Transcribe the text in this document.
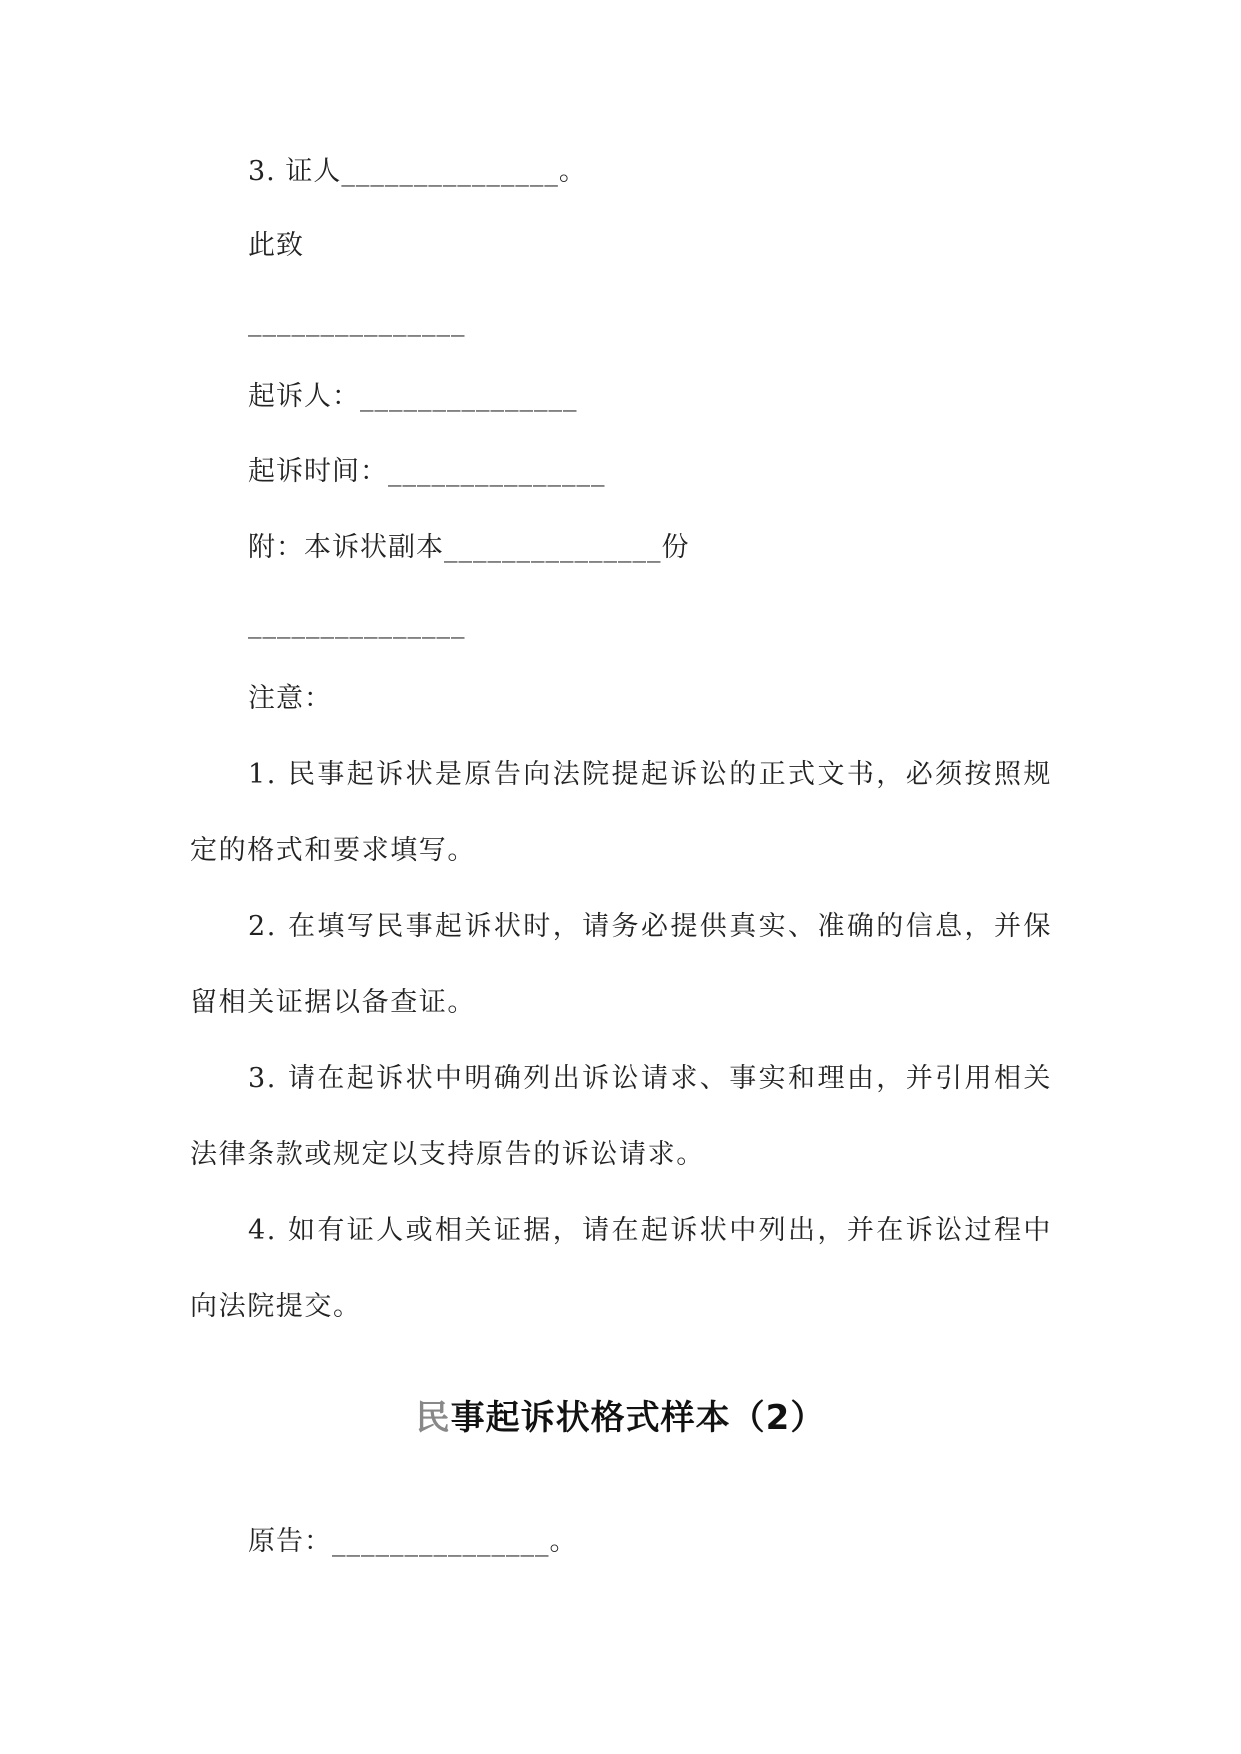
3. 证人_______________。
此致
_______________
起诉人：_______________
起诉时间：_______________
附：本诉状副本_______________份
_______________
注意：

1. 民事起诉状是原告向法院提起诉讼的正式文书，必须按照规定的格式和要求填写。

2. 在填写民事起诉状时，请务必提供真实、准确的信息，并保留相关证据以备查证。

3. 请在起诉状中明确列出诉讼请求、事实和理由，并引用相关法律条款或规定以支持原告的诉讼请求。

4. 如有证人或相关证据，请在起诉状中列出，并在诉讼过程中向法院提交。

民事起诉状格式样本（2）
原告：_______________。
